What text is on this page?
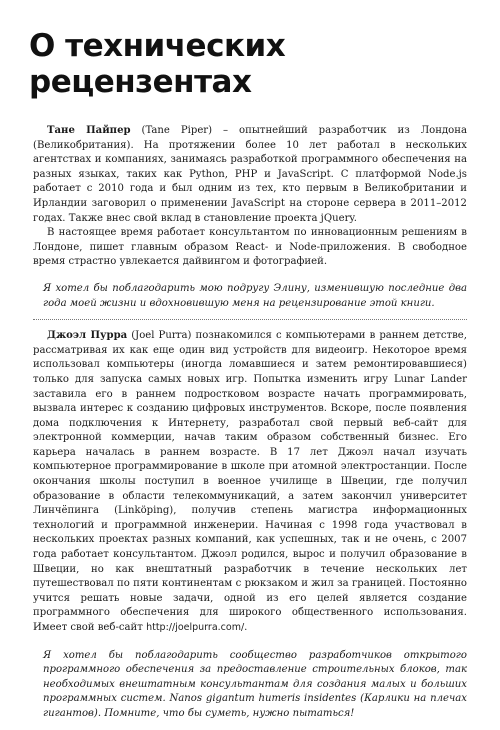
О технических рецензентах

Тане Пайпер (Tane Piper) – опытнейший разработчик из Лондона (Великобритания). На протяжении более 10 лет работал в нескольких агентствах и компаниях, занимаясь разработкой программного обеспечения на разных языках, таких как Python, PHP и JavaScript. С платформой Node.js работает с 2010 года и был одним из тех, кто первым в Великобритании и Ирландии заговорил о применении JavaScript на стороне сервера в 2011–2012 годах. Также внес свой вклад в становление проекта jQuery.

В настоящее время работает консультантом по инновационным решениям в Лондоне, пишет главным образом React- и Node-приложения. В свободное время страстно увлекается дайвингом и фотографией.

Я хотел бы поблагодарить мою подругу Элину, изменившую последние два года моей жизни и вдохновившую меня на рецензирование этой книги.

Джоэл Пурра (Joel Purra) познакомился с компьютерами в раннем детстве, рассматривая их как еще один вид устройств для видеоигр. Некоторое время использовал компьютеры (иногда ломавшиеся и затем ремонтировавшиеся) только для запуска самых новых игр. Попытка изменить игру Lunar Lander заставила его в раннем подростковом возрасте начать программировать, вызвала интерес к созданию цифровых инструментов. Вскоре, после появления дома подключения к Интернету, разработал свой первый веб-сайт для электронной коммерции, начав таким образом собственный бизнес. Его карьера началась в раннем возрасте. В 17 лет Джоэл начал изучать компьютерное программирование в школе при атомной электростанции. После окончания школы поступил в военное училище в Швеции, где получил образование в области телекоммуникаций, а затем закончил университет Линчёпинга (Linköping), получив степень магистра информационных технологий и программной инженерии. Начиная с 1998 года участвовал в нескольких проектах разных компаний, как успешных, так и не очень, с 2007 года работает консультантом. Джоэл родился, вырос и получил образование в Швеции, но как внештатный разработчик в течение нескольких лет путешествовал по пяти континентам с рюкзаком и жил за границей. Постоянно учится решать новые задачи, одной из его целей является создание программного обеспечения для широкого общественного использования. Имеет свой веб-сайт http://joelpurra.com/.

Я хотел бы поблагодарить сообщество разработчиков открытого программного обеспечения за предоставление строительных блоков, так необходимых внештатным консультантам для создания малых и больших программных систем. Nanos gigantum humeris insidentes (Карлики на плечах гигантов). Помните, что бы суметь, нужно пытаться!
